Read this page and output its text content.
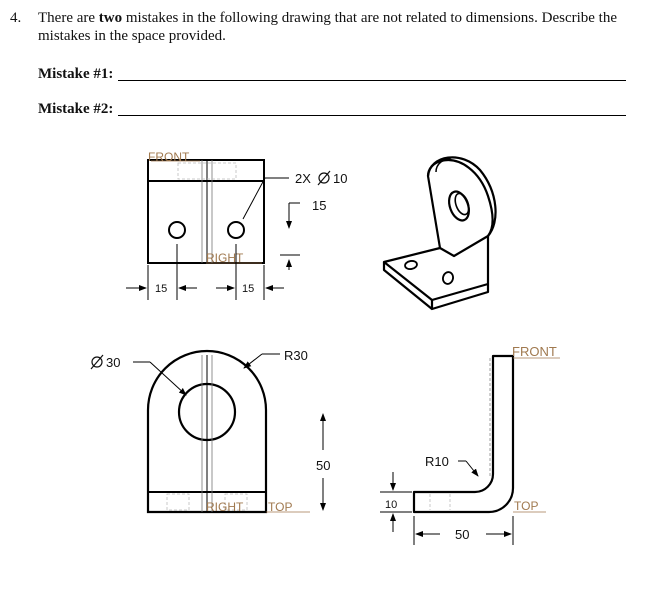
4. There are two mistakes in the following drawing that are not related to dimensions. Describe the mistakes in the space provided.
Mistake #1:
Mistake #2:
FRONT
RIGHT
2X 10
15
15	15
RIGHT TOP
30	R30
50
FRONT
TOP
R10
10
50
